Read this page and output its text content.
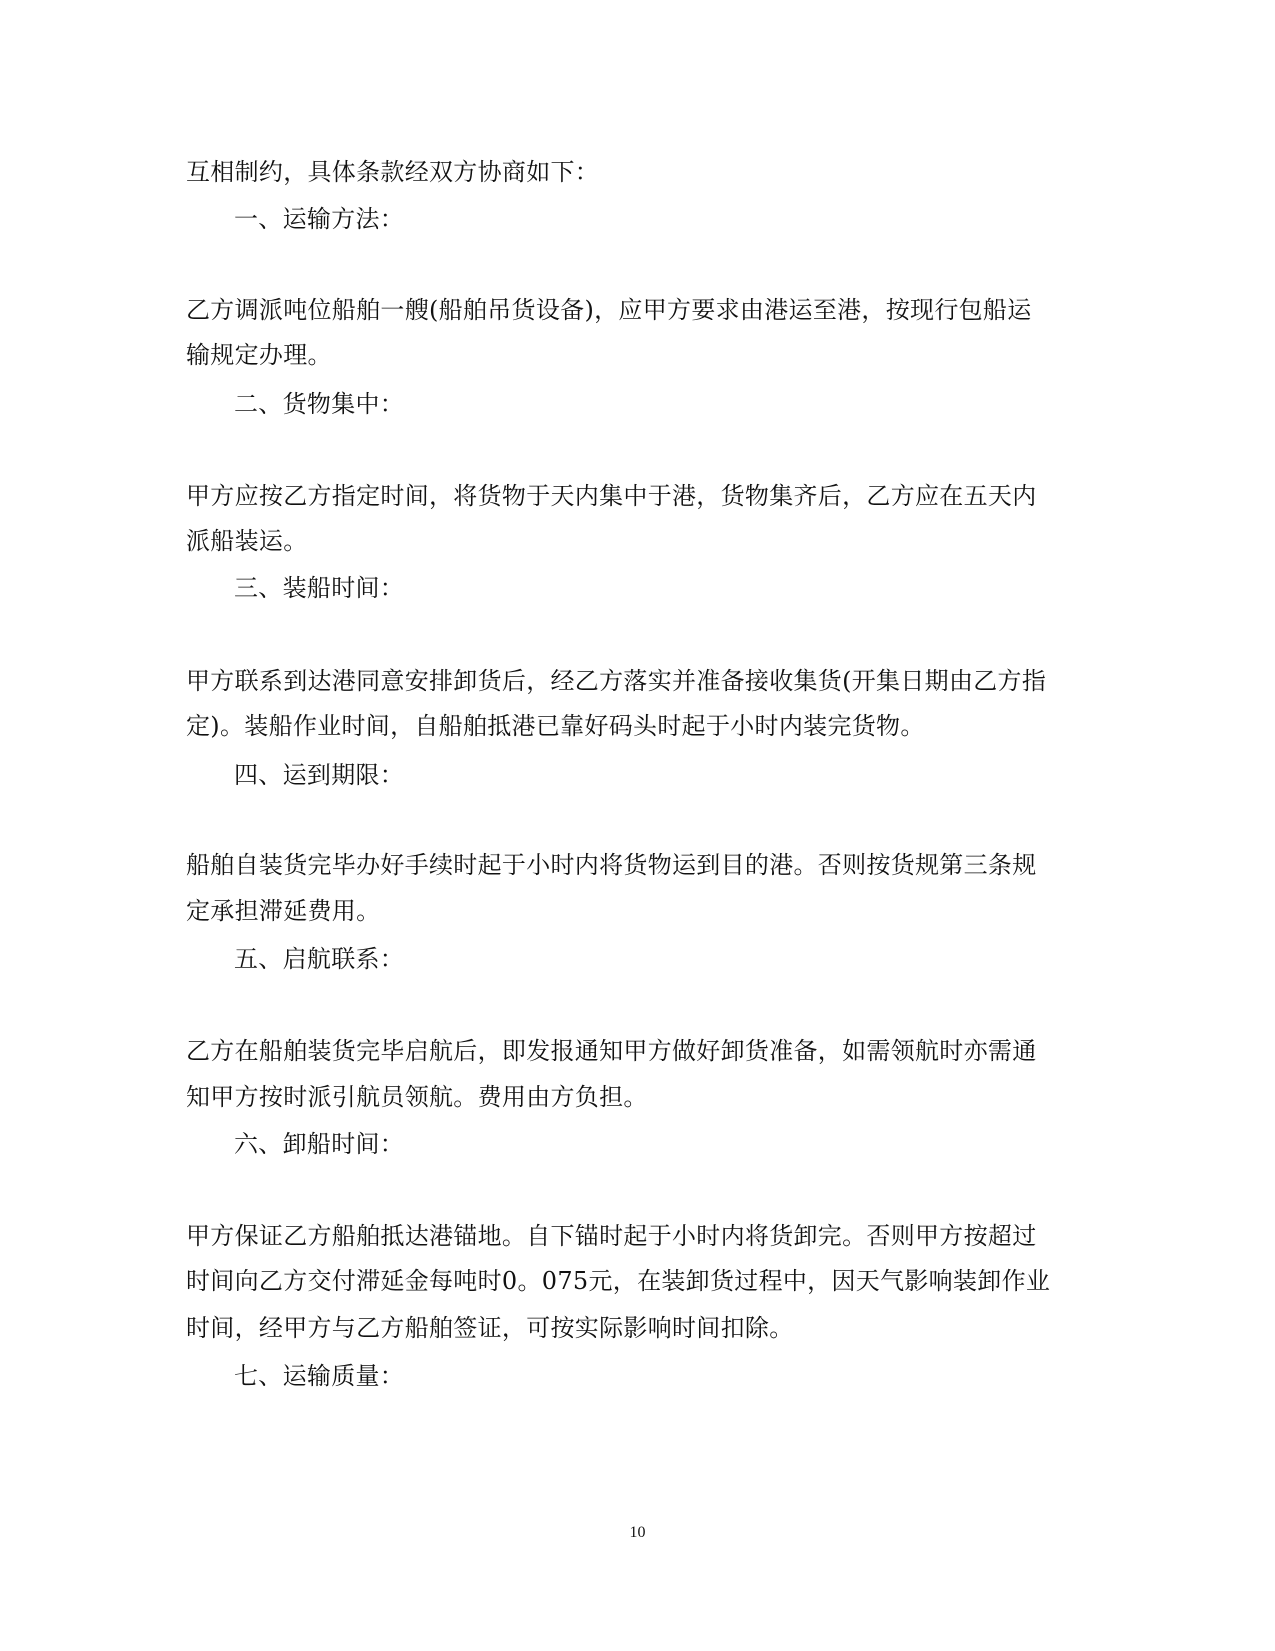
互相制约，具体条款经双方协商如下：
一、运输方法：
乙方调派吨位船舶一艘(船舶吊货设备)，应甲方要求由港运至港，按现行包船运
输规定办理。
二、货物集中：
甲方应按乙方指定时间，将货物于天内集中于港，货物集齐后，乙方应在五天内
派船装运。
三、装船时间：
甲方联系到达港同意安排卸货后，经乙方落实并准备接收集货(开集日期由乙方指
定)。装船作业时间，自船舶抵港已靠好码头时起于小时内装完货物。
四、运到期限：
船舶自装货完毕办好手续时起于小时内将货物运到目的港。否则按货规第三条规
定承担滞延费用。
五、启航联系：
乙方在船舶装货完毕启航后，即发报通知甲方做好卸货准备，如需领航时亦需通
知甲方按时派引航员领航。费用由方负担。
六、卸船时间：
甲方保证乙方船舶抵达港锚地。自下锚时起于小时内将货卸完。否则甲方按超过
时间向乙方交付滞延金每吨时0。075元，在装卸货过程中，因天气影响装卸作业
时间，经甲方与乙方船舶签证，可按实际影响时间扣除。
七、运输质量：
10
